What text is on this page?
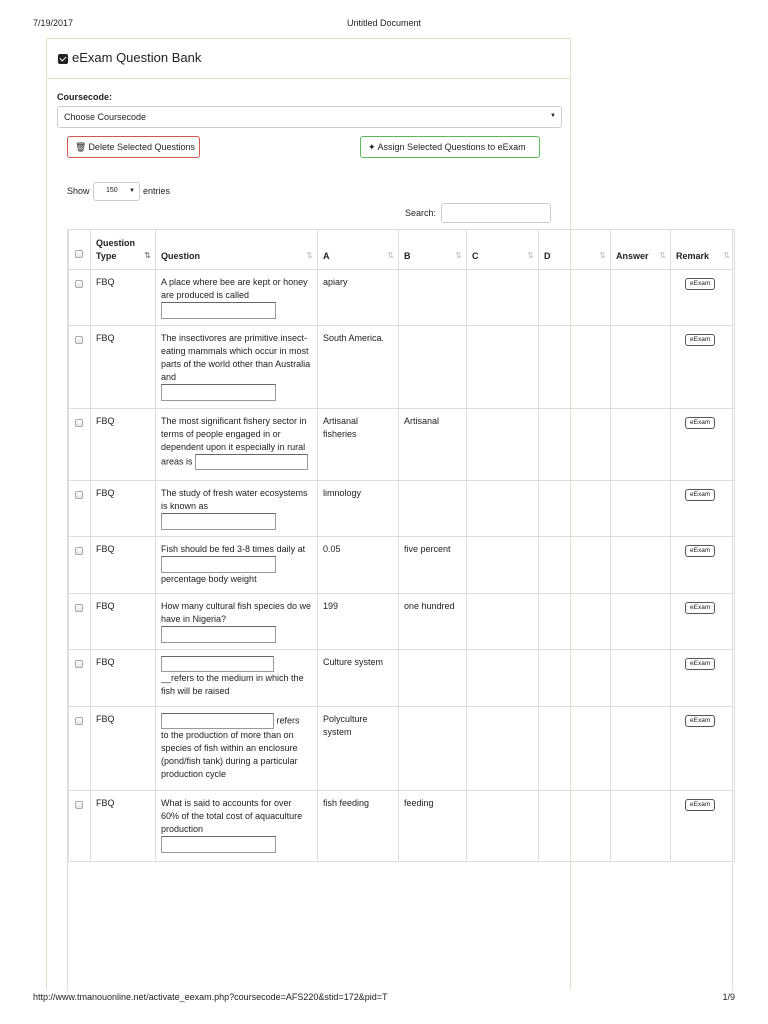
7/19/2017	Untitled Document
eExam Question Bank
Coursecode:
Choose Coursecode	▼
🗑 Delete Selected Questions	✦ Assign Selected Questions to eExam
Show	150 ▼ entries
Search:
	Question Type ⇅	Question ⇅	A ⇅	B ⇅	C ⇅	D ⇅	Answer ⇅	Remark ⇅

	FBQ	A place where bee are kept or honey are produced is called	apiary					eExam
	FBQ	The insectivores are primitive insect-eating mammals which occur in most parts of the world other than Australia and	South America.					eExam
	FBQ	The most significant fishery sector in terms of people engaged in or dependent upon it especially in rural
areas is	Artisanal fisheries	Artisanal				eExam
	FBQ	The study of fresh water ecosystems is known as	limnology					eExam
	FBQ	Fish should be fed 3-8 times daily at

percentage body weight	0.05	five percent				eExam
	FBQ	How many cultural fish species do we have in Nigeria?	199	one hundred				eExam
	FBQ	__refers to the medium in which the fish will be raised	Culture system					eExam
	FBQ	refers
to the production of more than on species of fish within an enclosure (pond/fish tank) during a particular production cycle	Polyculture system					eExam
	FBQ	What is said to accounts for over 60% of the total cost of aquaculture production	fish feeding	feeding				eExam
http://www.tmanouonline.net/activate_eexam.php?coursecode=AFS220&stid=172&pid=T	1/9
